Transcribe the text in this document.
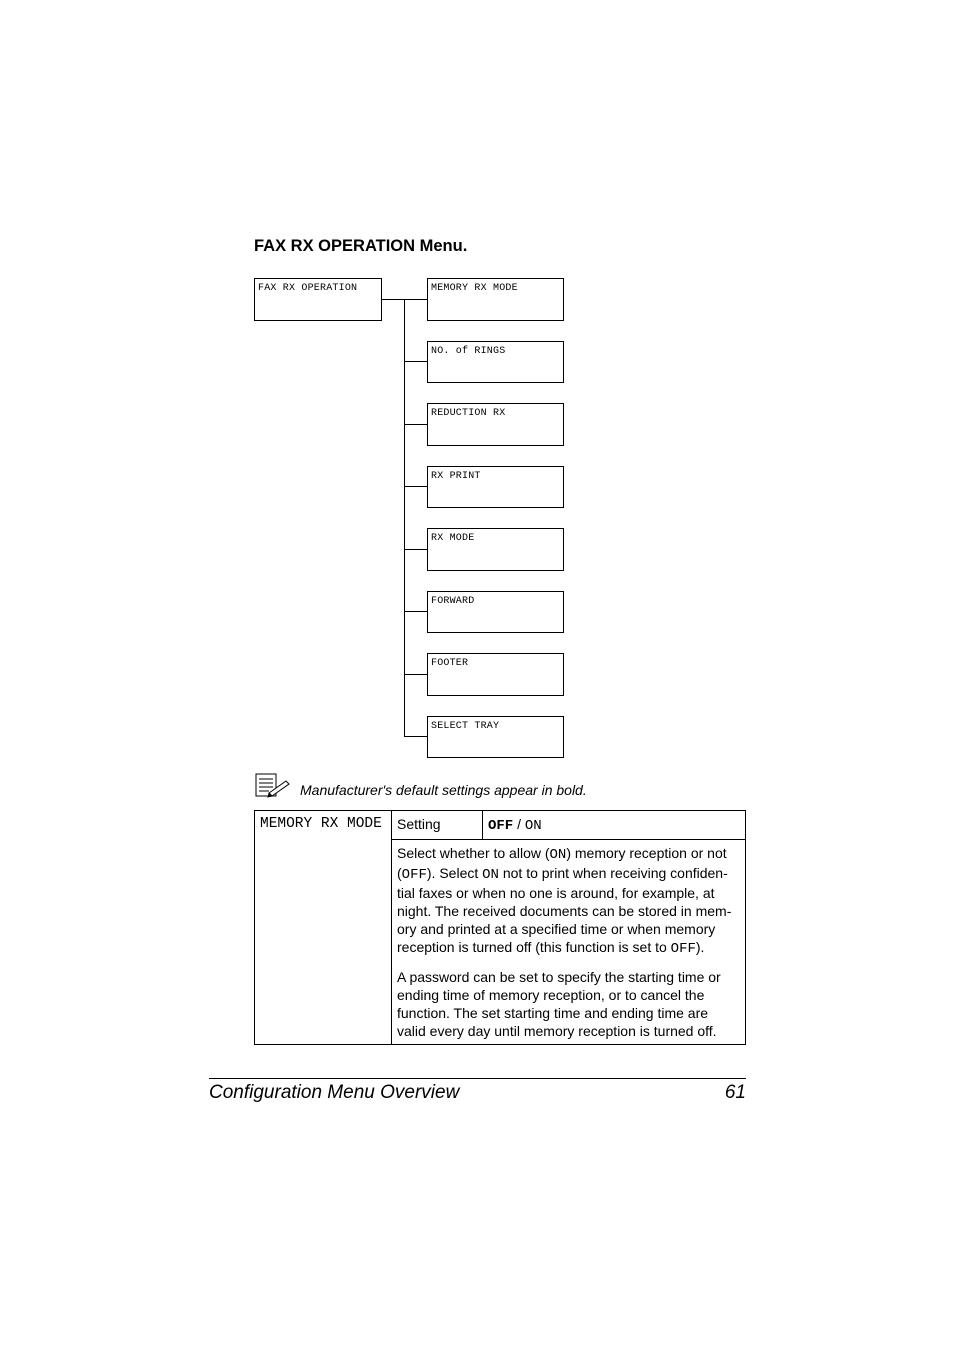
FAX RX OPERATION Menu.
FAX RX OPERATION	MEMORY RX MODE
NO. of RINGS
REDUCTION RX
RX PRINT
RX MODE
FORWARD
FOOTER
SELECT TRAY
Manufacturer's default settings appear in bold.
MEMORY RX MODE	Setting	OFF / ON

Select whether to allow (ON) memory reception or not (OFF). Select ON not to print when receiving confiden-tial faxes or when no one is around, for example, at night. The received documents can be stored in mem-ory and printed at a specified time or when memory reception is turned off (this function is set to OFF).

A password can be set to specify the starting time or ending time of memory reception, or to cancel the function. The set starting time and ending time are valid every day until memory reception is turned off.

Configuration Menu Overview	61
